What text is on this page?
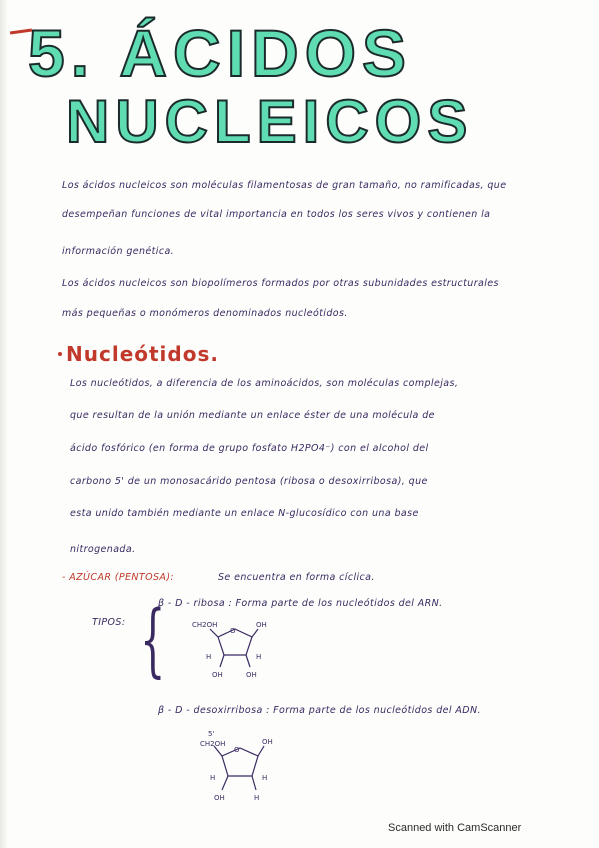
5. ÁCIDOS
NUCLEICOS
Los ácidos nucleicos son moléculas filamentosas de gran tamaño, no ramificadas, que
desempeñan funciones de vital importancia en todos los seres vivos y contienen la
información genética.
Los ácidos nucleicos son biopolímeros formados por otras subunidades estructurales
más pequeñas o monómeros denominados nucleótidos.
Nucleótidos.
Los nucleótidos, a diferencia de los aminoácidos, son moléculas complejas,
que resultan de la unión mediante un enlace éster de una molécula de
ácido fosfórico (en forma de grupo fosfato H2PO4⁻) con el alcohol del
carbono 5' de un monosacárido pentosa (ribosa o desoxirribosa), que
esta unido también mediante un enlace N-glucosídico con una base
nitrogenada.
- AZÚCAR (PENTOSA):	Se encuentra en forma cíclica.
TIPOS: {
β - D - ribosa : Forma parte de los nucleótidos del ARN.
β - D - desoxirribosa : Forma parte de los nucleótidos del ADN.
O
CH2OH	OH
H	H
OH	OH
O
5'
CH2OH	OH
H	H
OH	H
Scanned with CamScanner
